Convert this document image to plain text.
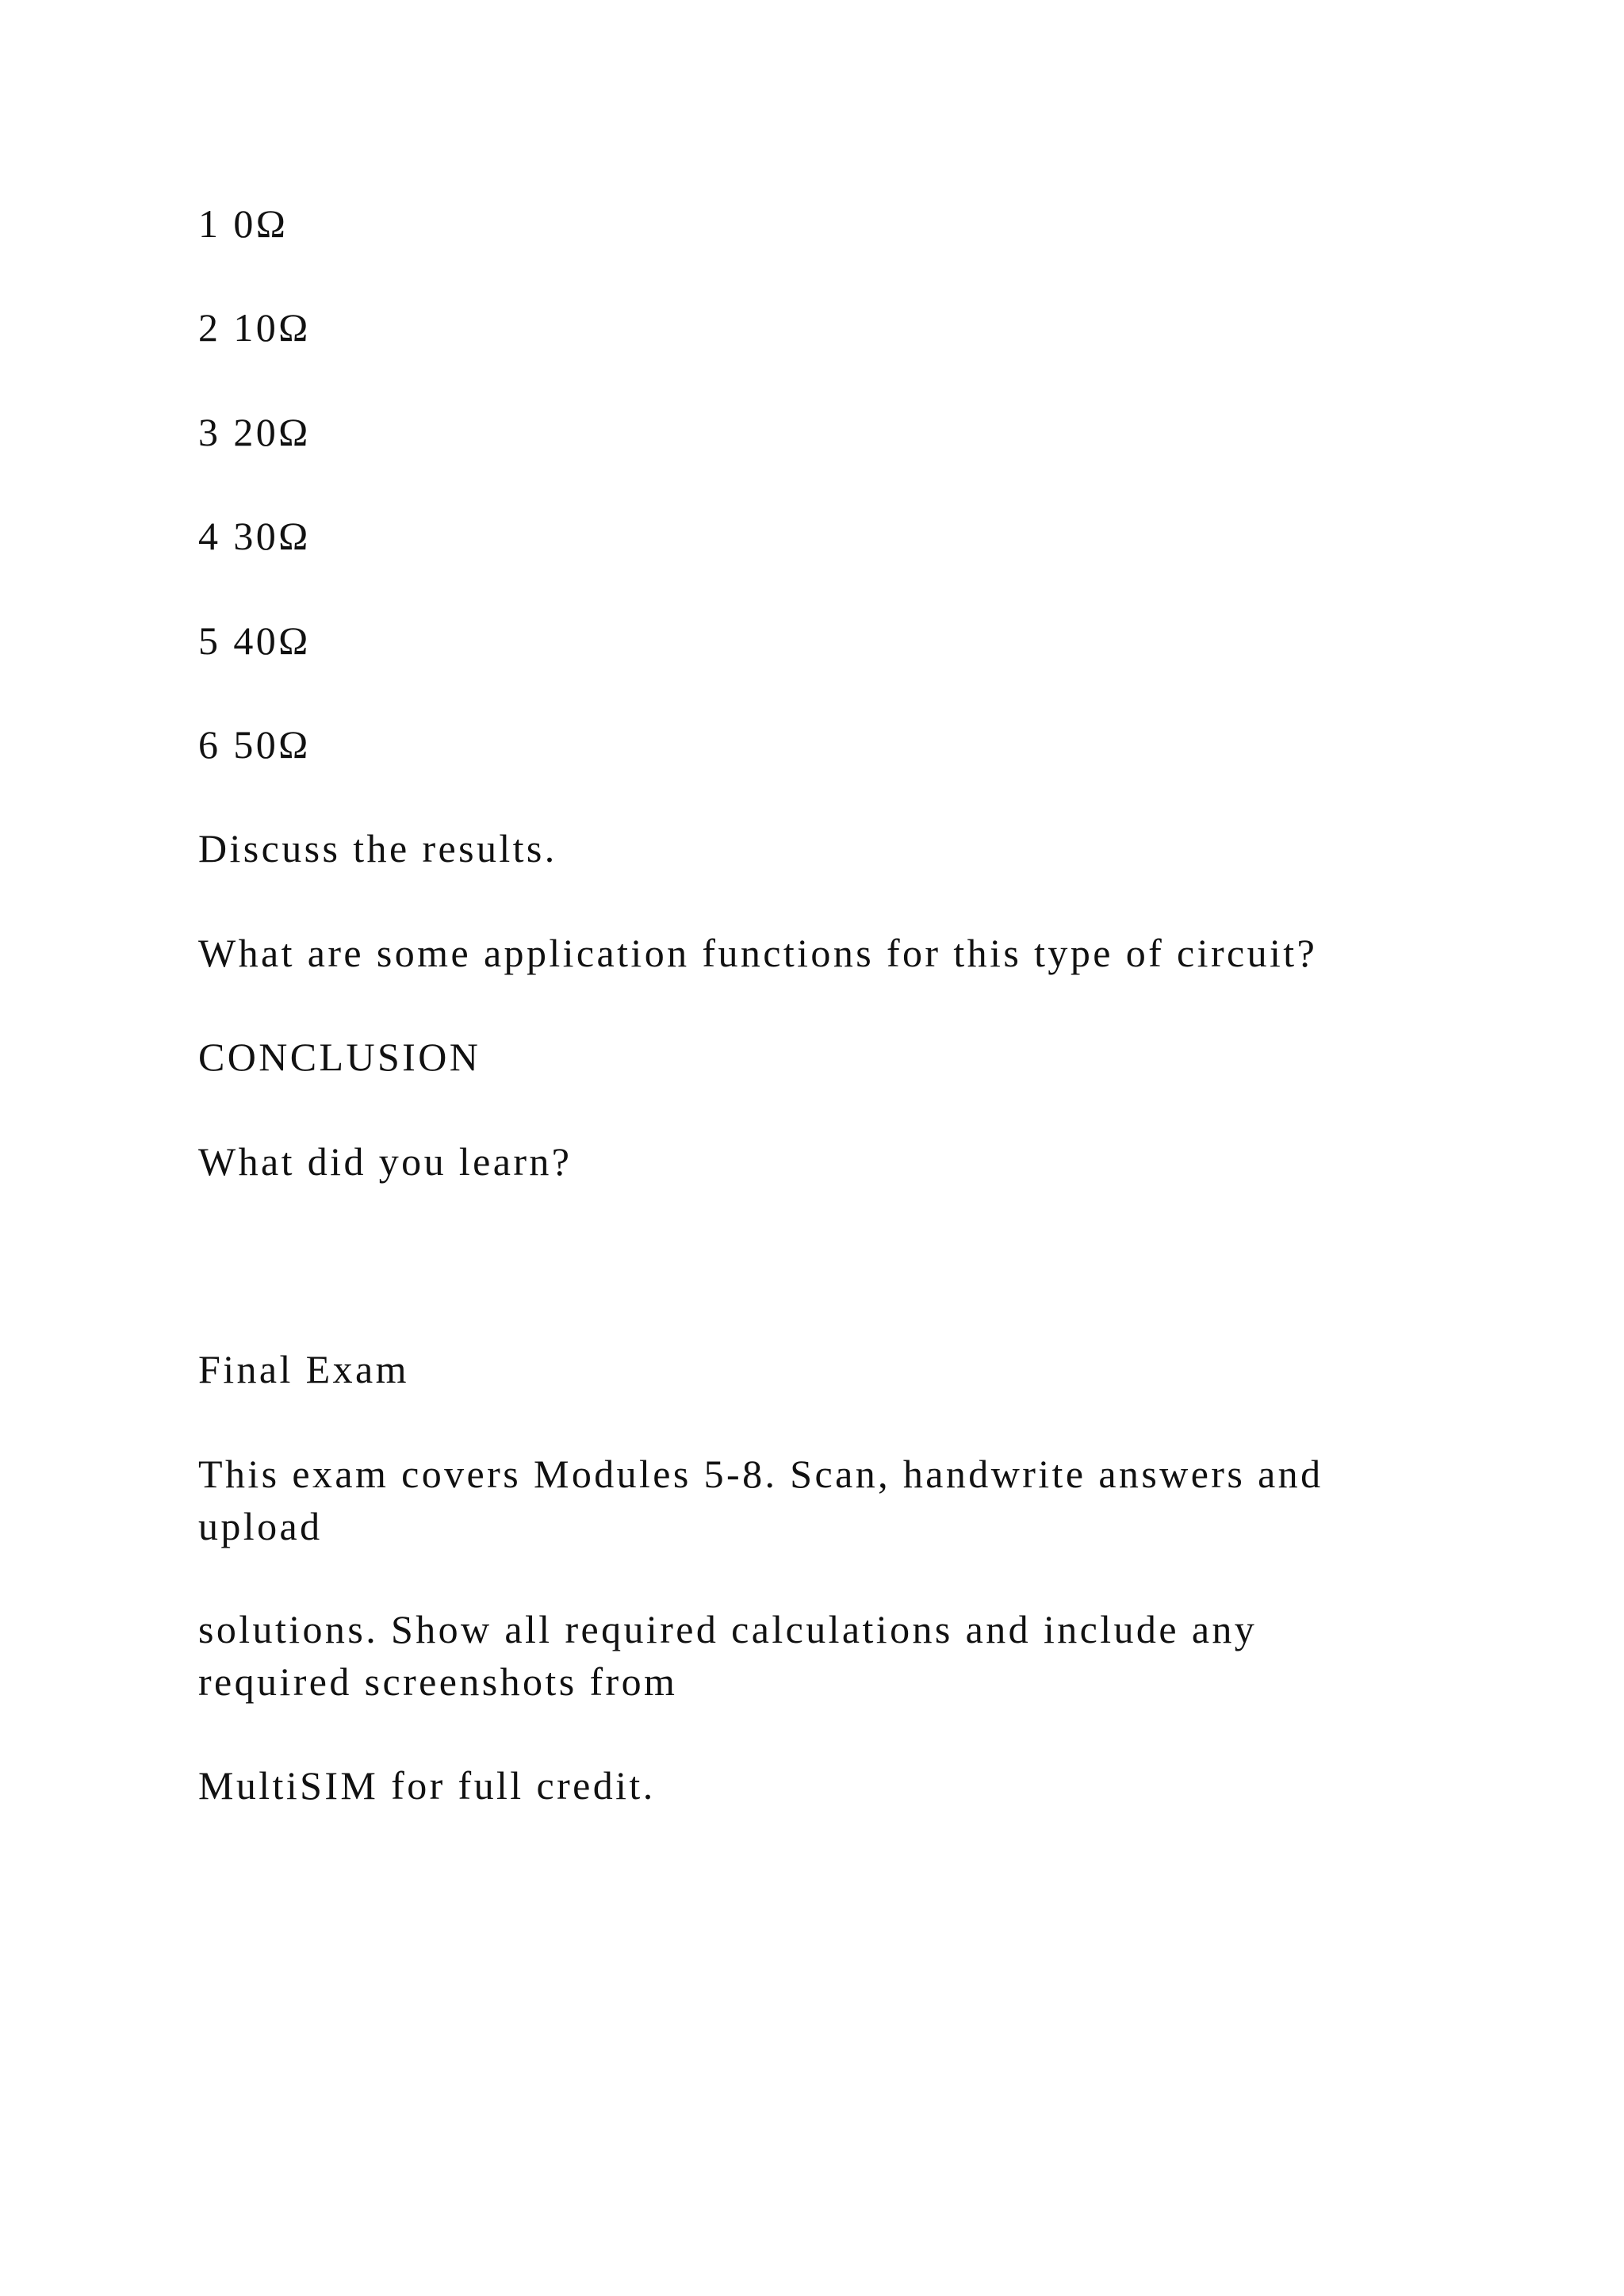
1 0Ω

2 10Ω

3 20Ω

4 30Ω

5 40Ω

6 50Ω

Discuss the results.

What are some application functions for this type of circuit?

CONCLUSION

What did you learn?

Final Exam

This exam covers Modules 5-8. Scan, handwrite answers and

upload

solutions. Show all required calculations and include any

required screenshots from

MultiSIM for full credit.
